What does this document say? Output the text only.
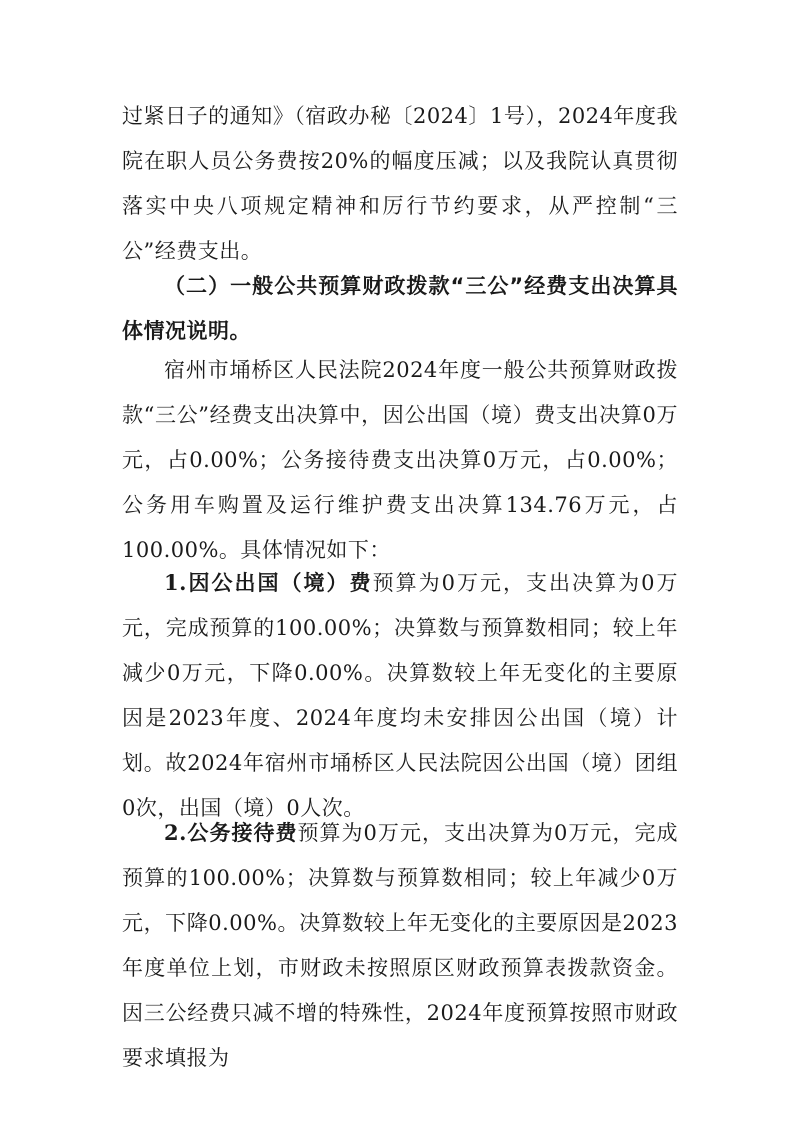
过紧日子的通知》（宿政办秘〔2024〕1号），2024年度我院在职人员公务费按20%的幅度压减；以及我院认真贯彻落实中央八项规定精神和厉行节约要求，从严控制“三公”经费支出。

（二）一般公共预算财政拨款“三公”经费支出决算具体情况说明。

宿州市埇桥区人民法院2024年度一般公共预算财政拨款“三公”经费支出决算中，因公出国（境）费支出决算0万元，占0.00%；公务接待费支出决算0万元，占0.00%；公务用车购置及运行维护费支出决算134.76万元，占100.00%。具体情况如下：

1.因公出国（境）费预算为0万元，支出决算为0万元，完成预算的100.00%；决算数与预算数相同；较上年减少0万元，下降0.00%。决算数较上年无变化的主要原因是2023年度、2024年度均未安排因公出国（境）计划。故2024年宿州市埇桥区人民法院因公出国（境）团组0次，出国（境）0人次。

2.公务接待费预算为0万元，支出决算为0万元，完成预算的100.00%；决算数与预算数相同；较上年减少0万元，下降0.00%。决算数较上年无变化的主要原因是2023年度单位上划，市财政未按照原区财政预算表拨款资金。因三公经费只减不增的特殊性，2024年度预算按照市财政要求填报为
